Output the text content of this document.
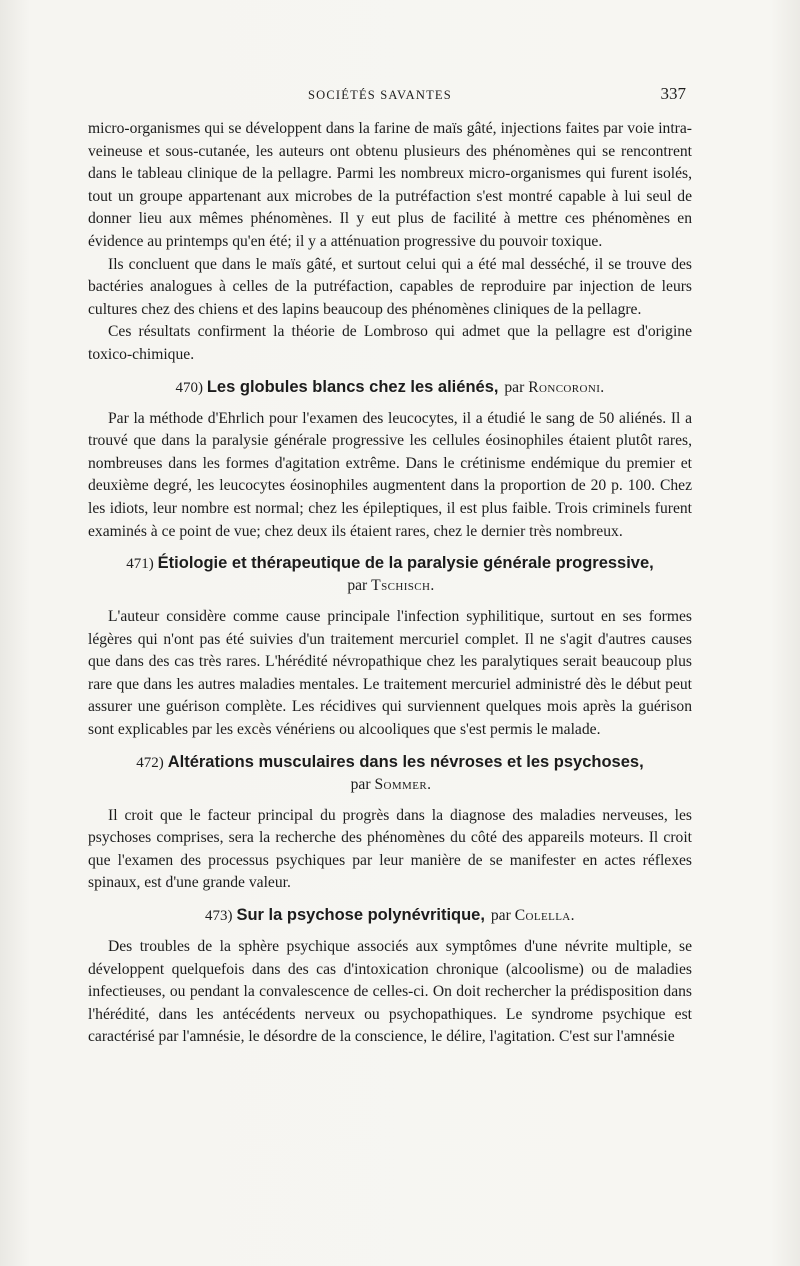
SOCIÉTÉS SAVANTES	337

micro-organismes qui se développent dans la farine de maïs gâté, injections faites par voie intra-veineuse et sous-cutanée, les auteurs ont obtenu plusieurs des phénomènes qui se rencontrent dans le tableau clinique de la pellagre. Parmi les nombreux micro-organismes qui furent isolés, tout un groupe appartenant aux microbes de la putréfaction s'est montré capable à lui seul de donner lieu aux mêmes phénomènes. Il y eut plus de facilité à mettre ces phénomènes en évidence au printemps qu'en été; il y a atténuation progressive du pouvoir toxique.

Ils concluent que dans le maïs gâté, et surtout celui qui a été mal desséché, il se trouve des bactéries analogues à celles de la putréfaction, capables de reproduire par injection de leurs cultures chez des chiens et des lapins beaucoup des phénomènes cliniques de la pellagre.

Ces résultats confirment la théorie de Lombroso qui admet que la pellagre est d'origine toxico-chimique.

470) Les globules blancs chez les aliénés, par Roncoroni.

Par la méthode d'Ehrlich pour l'examen des leucocytes, il a étudié le sang de 50 aliénés. Il a trouvé que dans la paralysie générale progressive les cellules éosinophiles étaient plutôt rares, nombreuses dans les formes d'agitation extrême. Dans le crétinisme endémique du premier et deuxième degré, les leucocytes éosinophiles augmentent dans la proportion de 20 p. 100. Chez les idiots, leur nombre est normal; chez les épileptiques, il est plus faible. Trois criminels furent examinés à ce point de vue; chez deux ils étaient rares, chez le dernier très nombreux.

471) Étiologie et thérapeutique de la paralysie générale progressive,
par Tschisch.

L'auteur considère comme cause principale l'infection syphilitique, surtout en ses formes légères qui n'ont pas été suivies d'un traitement mercuriel complet. Il ne s'agit d'autres causes que dans des cas très rares. L'hérédité névropathique chez les paralytiques serait beaucoup plus rare que dans les autres maladies mentales. Le traitement mercuriel administré dès le début peut assurer une guérison complète. Les récidives qui surviennent quelques mois après la guérison sont explicables par les excès vénériens ou alcooliques que s'est permis le malade.

472) Altérations musculaires dans les névroses et les psychoses,
par Sommer.

Il croit que le facteur principal du progrès dans la diagnose des maladies nerveuses, les psychoses comprises, sera la recherche des phénomènes du côté des appareils moteurs. Il croit que l'examen des processus psychiques par leur manière de se manifester en actes réflexes spinaux, est d'une grande valeur.

473) Sur la psychose polynévritique, par Colella.

Des troubles de la sphère psychique associés aux symptômes d'une névrite multiple, se développent quelquefois dans des cas d'intoxication chronique (alcoolisme) ou de maladies infectieuses, ou pendant la convalescence de celles-ci. On doit rechercher la prédisposition dans l'hérédité, dans les antécédents nerveux ou psychopathiques. Le syndrome psychique est caractérisé par l'amnésie, le désordre de la conscience, le délire, l'agitation. C'est sur l'amnésie
